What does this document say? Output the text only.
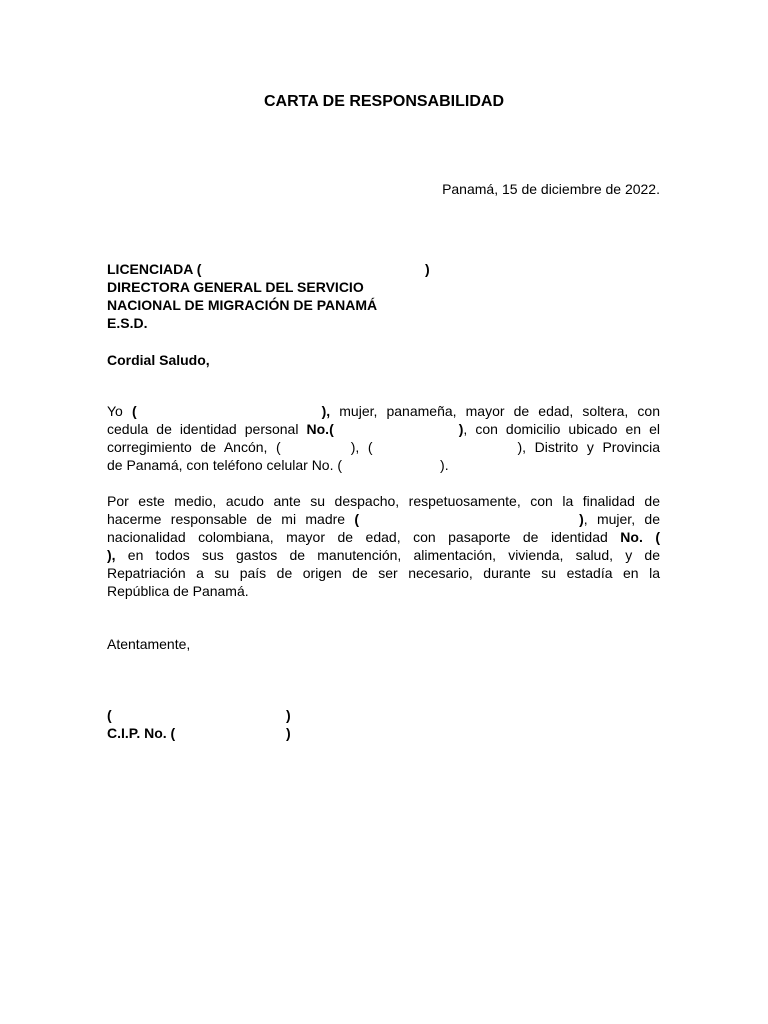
CARTA DE RESPONSABILIDAD
Panamá, 15 de diciembre de 2022.
LICENCIADA (	)
DIRECTORA GENERAL DEL SERVICIO
NACIONAL DE MIGRACIÓN DE PANAMÁ
E.S.D.
Cordial Saludo,
Yo (	), mujer, panameña, mayor de edad, soltera, con
cedula de identidad personal No.(	), con domicilio ubicado en el
corregimiento de Ancón, (	), (	), Distrito y Provincia
de Panamá, con teléfono celular No. (	).
Por este medio, acudo ante su despacho, respetuosamente, con la finalidad de
hacerme responsable de mi madre (	), mujer, de
nacionalidad colombiana, mayor de edad, con pasaporte de identidad No. (
), en todos sus gastos de manutención, alimentación, vivienda, salud, y de
Repatriación a su país de origen de ser necesario, durante su estadía en la
República de Panamá.
Atentamente,
(	)
C.I.P. No. (	)
